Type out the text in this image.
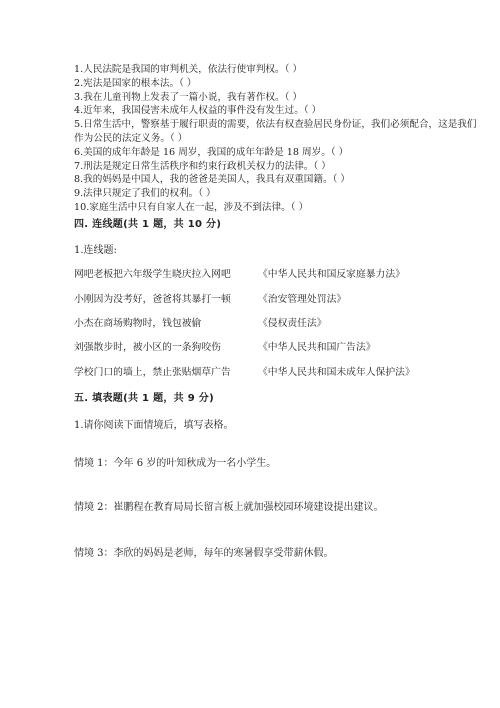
1.人民法院是我国的审判机关，依法行使审判权。（ ）
2.宪法是国家的根本法。（ ）
3.我在儿童刊物上发表了一篇小说，我有著作权。（ ）
4.近年来，我国侵害未成年人权益的事件没有发生过。（ ）
5.日常生活中，警察基于履行职责的需要，依法有权查验居民身份证，我们必须配合，这是我们作为公民的法定义务。（ ）
6.美国的成年年龄是 16 周岁，我国的成年年龄是 18 周岁。（ ）
7.刑法是规定日常生活秩序和约束行政机关权力的法律。（ ）
8.我的妈妈是中国人，我的爸爸是美国人，我具有双重国籍。（ ）
9.法律只规定了我们的权利。（ ）
10.家庭生活中只有自家人在一起，涉及不到法律。（ ）
四. 连线题(共 1 题，共 10 分)
1.连线题:
网吧老板把六年级学生晓庆拉入网吧	《中华人民共和国反家庭暴力法》
小刚因为没考好，爸爸将其暴打一顿	《治安管理处罚法》
小杰在商场购物时，钱包被偷	《侵权责任法》
刘强散步时，被小区的一条狗咬伤	《中华人民共和国广告法》
学校门口的墙上，禁止张贴烟草广告	《中华人民共和国未成年人保护法》
五. 填表题(共 1 题，共 9 分)
1.请你阅读下面情境后，填写表格。
情境 1：今年 6 岁的叶知秋成为一名小学生。
情境 2：崔鹏程在教育局局长留言板上就加强校园环境建设提出建议。
情境 3：李欣的妈妈是老师，每年的寒暑假享受带薪休假。
